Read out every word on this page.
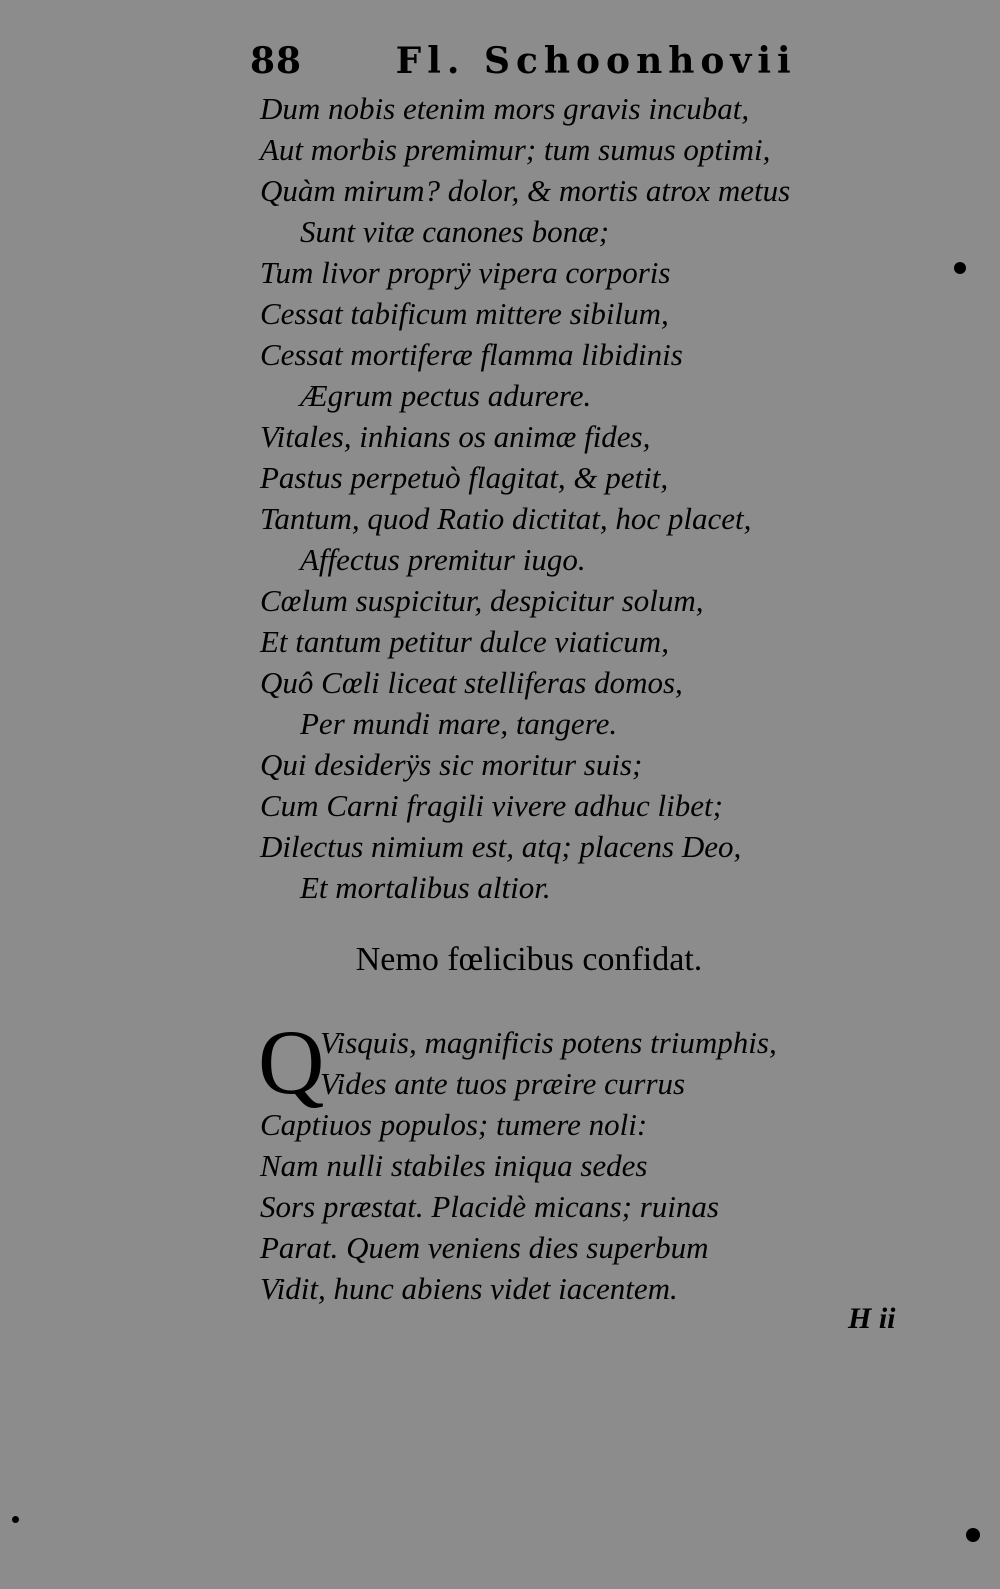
88	Fl. Schoonhovii
Dum nobis etenim mors gravis incubat,
Aut morbis premimur; tum sumus optimi,
Quàm mirum? dolor, & mortis atrox metus
Sunt vitæ canones bonæ;
Tum livor proprÿ vipera corporis
Cessat tabificum mittere sibilum,
Cessat mortiferæ flamma libidinis
Ægrum pectus adurere.
Vitales, inhians os animæ fides,
Pastus perpetuò flagitat, & petit,
Tantum, quod Ratio dictitat, hoc placet,
Affectus premitur iugo.
Cœlum suspicitur, despicitur solum,
Et tantum petitur dulce viaticum,
Quô Cœli liceat stelliferas domos,
Per mundi mare, tangere.
Qui desiderÿs sic moritur suis;
Cum Carni fragili vivere adhuc libet;
Dilectus nimium est, atq; placens Deo,
Et mortalibus altior.
Nemo fœlicibus confidat.
Q
Visquis, magnificis potens triumphis,
Vides ante tuos præire currus
Captiuos populos; tumere noli:
Nam nulli stabiles iniqua sedes
Sors præstat. Placidè micans; ruinas
Parat. Quem veniens dies superbum
Vidit, hunc abiens videt iacentem.
H ii
